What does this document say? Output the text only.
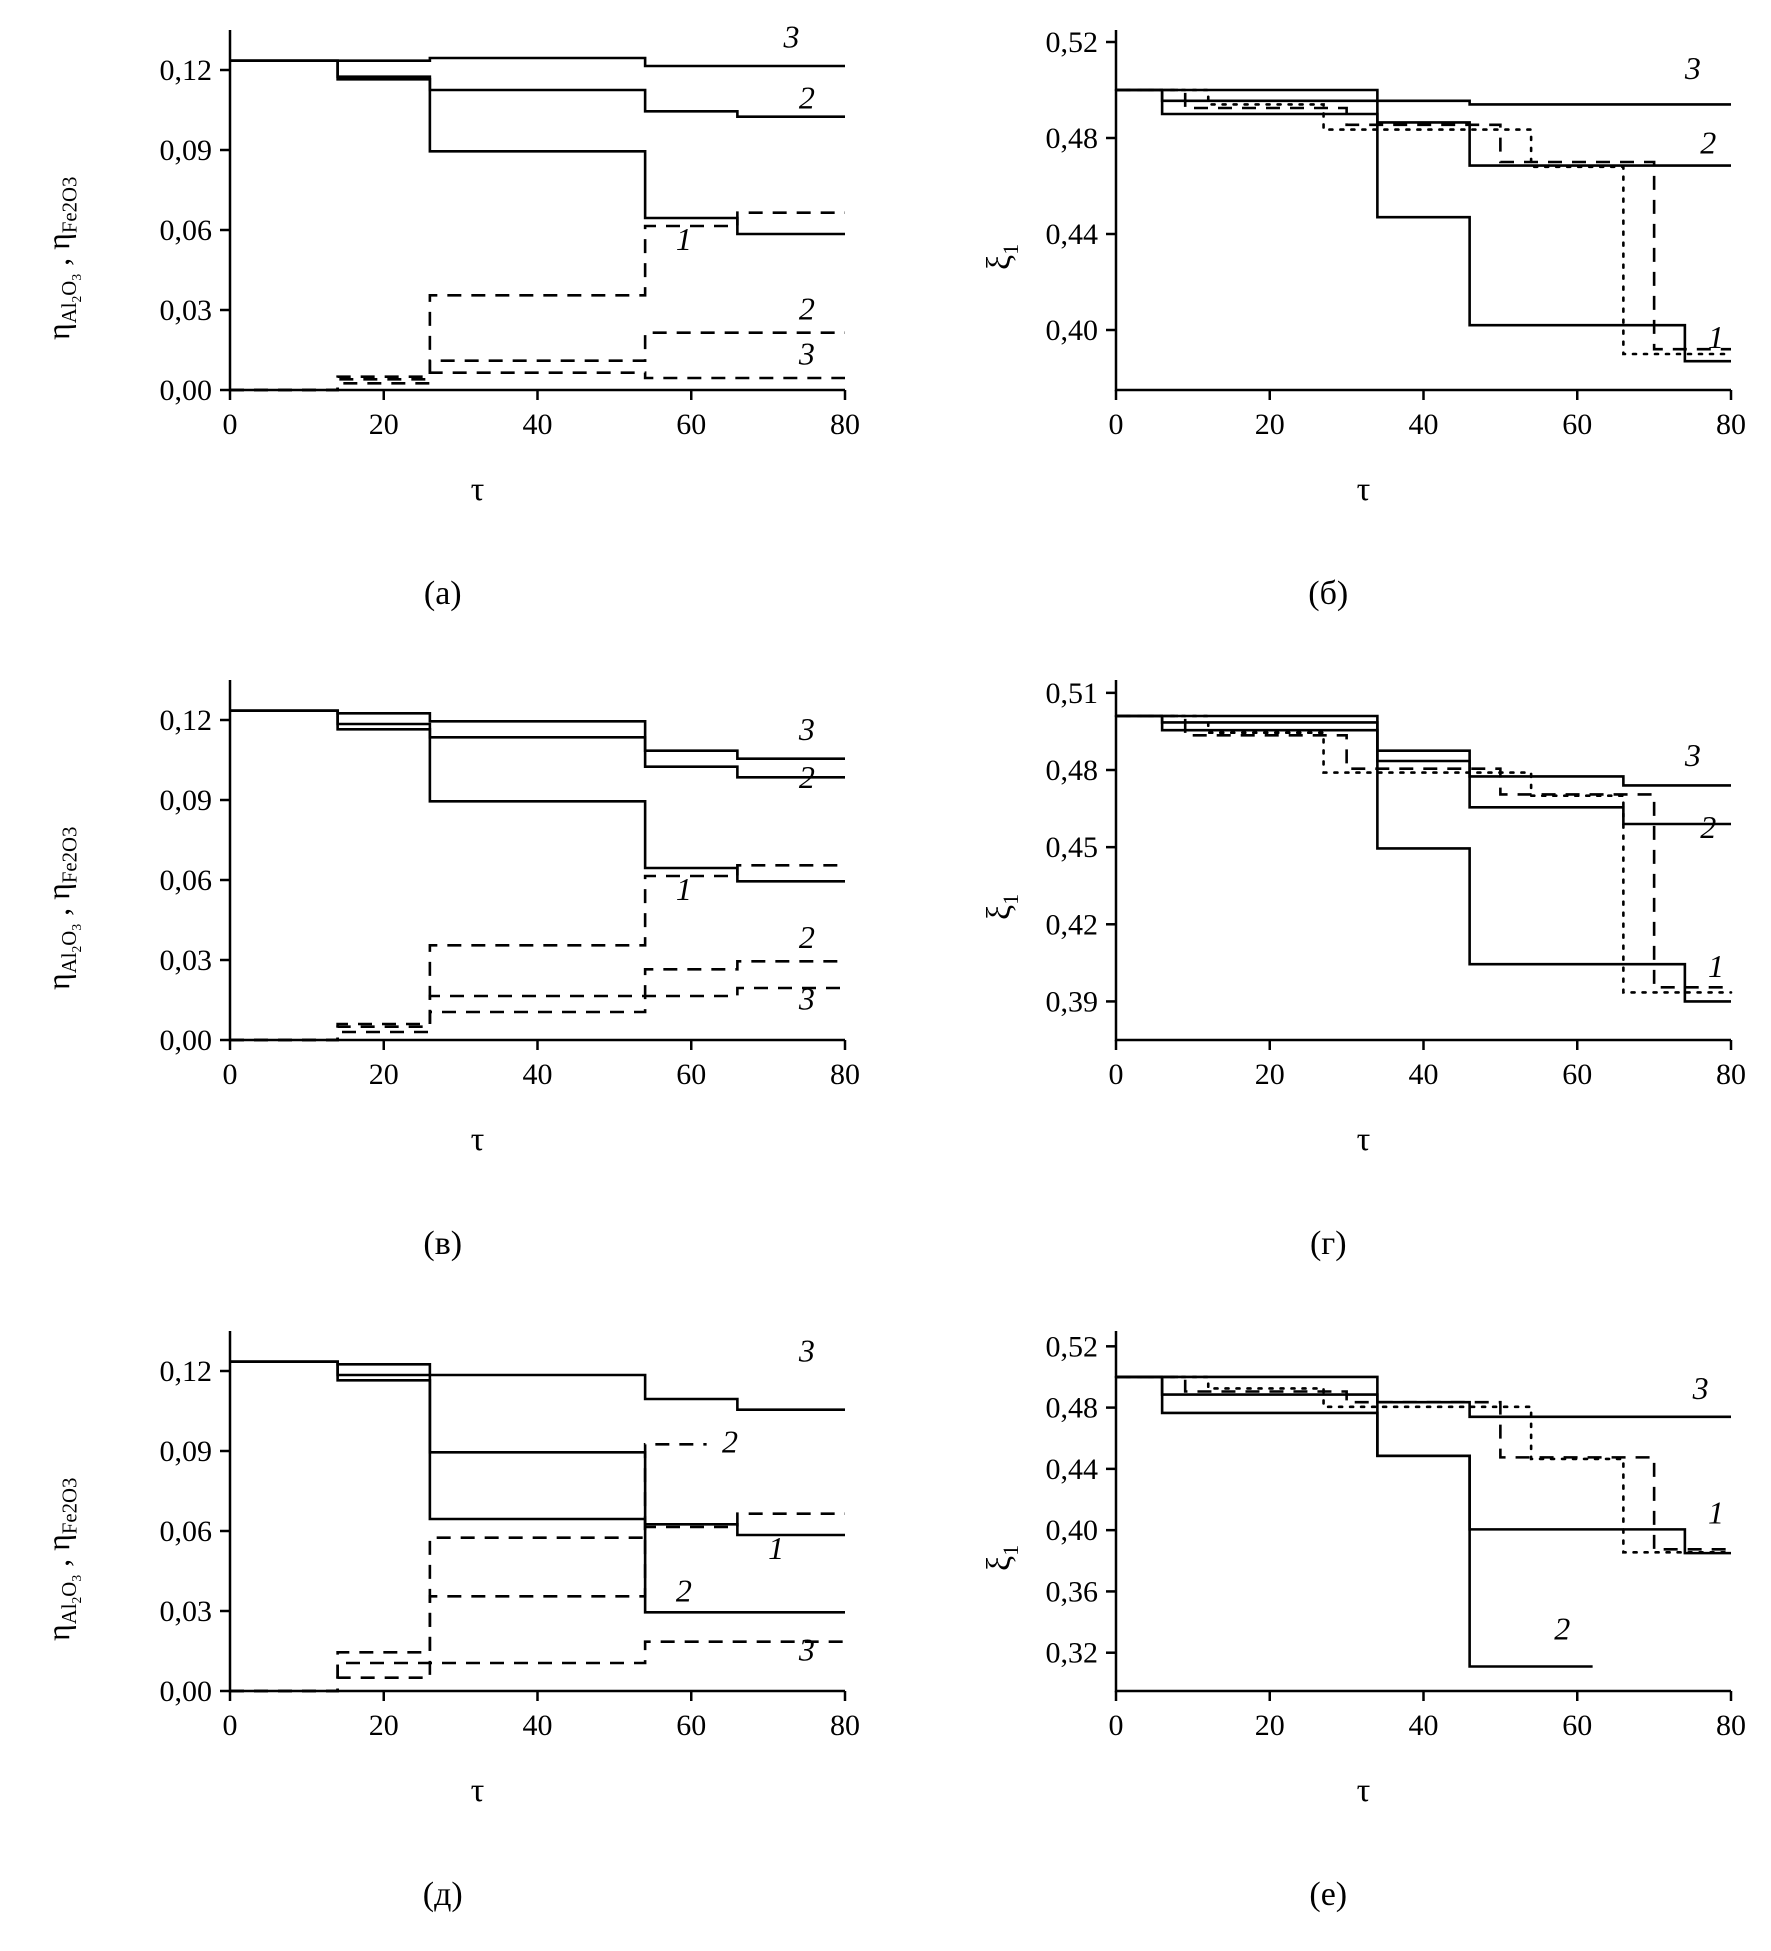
0	20	40	60	80
0,00
0,03
0,06
0,09
0,12
3
2
1
2
3
τ
$\eta_{Al_2O_3}$ , $\eta_{Fe2O3}$
(а)
0	20	40	60	80
0,40
0,44
0,48
0,52
3
2
1
τ
$\xi_1$
(б)
0	20	40	60	80
0,00
0,03
0,06
0,09
0,12	3
2
1
2
3
τ
$\eta_{Al_2O_3}$ , $\eta_{Fe2O3}$
(в)
0	20	40	60	80
0,39
0,42
0,45
0,48
0,51
3
2
1
τ
$\xi_1$
(г)
0	20	40	60	80
0,00
0,03
0,06
0,09
0,12
3
2
1
2
3
τ
$\eta_{Al_2O_3}$ , $\eta_{Fe2O3}$
(д)
0	20	40	60	80
0,32
0,36
0,40
0,44
0,48
0,52
3
1
2
τ
$\xi_1$
(е)
